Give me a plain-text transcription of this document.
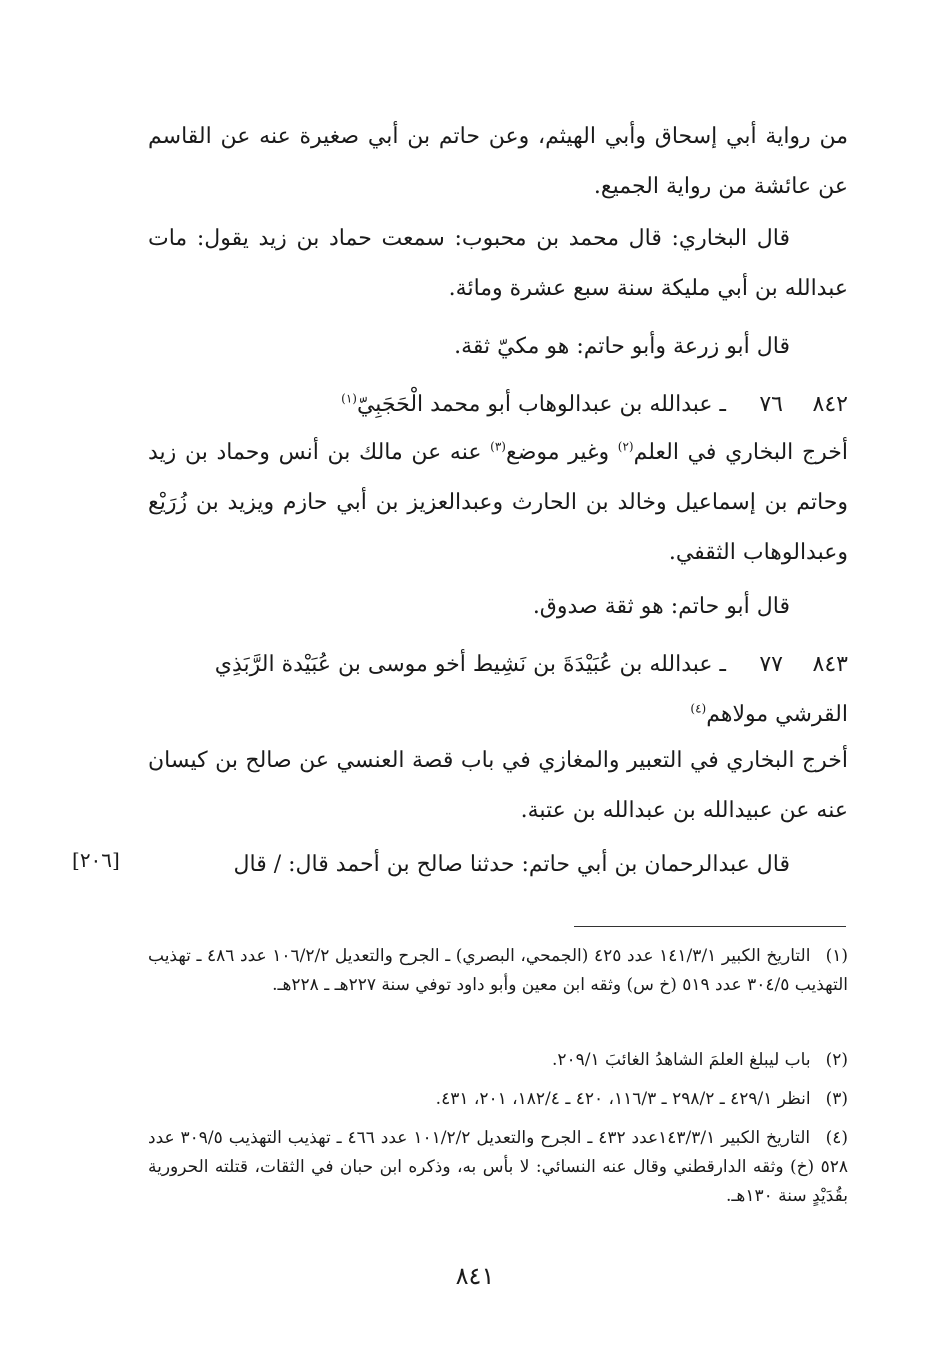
من رواية أبي إسحاق وأبي الهيثم، وعن حاتم بن أبي صغيرة عنه عن القاسم عن عائشة من رواية الجميع.
قال البخاري: قال محمد بن محبوب: سمعت حماد بن زيد يقول: مات عبدالله بن أبي مليكة سنة سبع عشرة ومائة.
قال أبو زرعة وأبو حاتم: هو مكيّ ثقة.
٨٤٢ ٧٦ ـ عبدالله بن عبدالوهاب أبو محمد الْحَجَبِيّ$^{(١)}$
أخرج البخاري في العلم$^{(٢)}$ وغير موضع$^{(٣)}$ عنه عن مالك بن أنس وحماد بن زيد وحاتم بن إسماعيل وخالد بن الحارث وعبدالعزيز بن أبي حازم ويزيد بن زُرَيْع وعبدالوهاب الثقفي.
قال أبو حاتم: هو ثقة صدوق.
٨٤٣ ٧٧ ـ عبدالله بن عُبَيْدَةَ بن نَشِيط أخو موسى بن عُبَيْدة الرَّبَذِي القرشي مولاهم$^{(٤)}$
أخرج البخاري في التعبير والمغازي في باب قصة العنسي عن صالح بن كيسان عنه عن عبيدالله بن عبدالله بن عتبة.
قال عبدالرحمان بن أبي حاتم: حدثنا صالح بن أحمد قال: / قال
[٢٠٦]
(١) التاريخ الكبير ١٤١/٣/١ عدد ٤٢٥ (الجمحي، البصري) ـ الجرح والتعديل ١٠٦/٢/٢ عدد ٤٨٦ ـ تهذيب التهذيب ٣٠٤/٥ عدد ٥١٩ (خ س) وثقه ابن معين وأبو داود توفي سنة ٢٢٧هـ ـ ٢٢٨هـ.
(٢) باب ليبلغ العلمَ الشاهدُ الغائبَ ٢٠٩/١.
(٣) انظر ٤٢٩/١ ـ ٢٩٨/٢ ـ ١١٦/٣، ٤٢٠ ـ ١٨٢/٤، ٢٠١، ٤٣١.
(٤) التاريخ الكبير ١٤٣/٣/١عدد ٤٣٢ ـ الجرح والتعديل ١٠١/٢/٢ عدد ٤٦٦ ـ تهذيب التهذيب ٣٠٩/٥ عدد ٥٢٨ (خ) وثقه الدارقطني وقال عنه النسائي: لا بأس به، وذكره ابن حبان في الثقات، قتلته الحرورية بقُدَيْدٍ سنة ١٣٠هـ.
٨٤١
